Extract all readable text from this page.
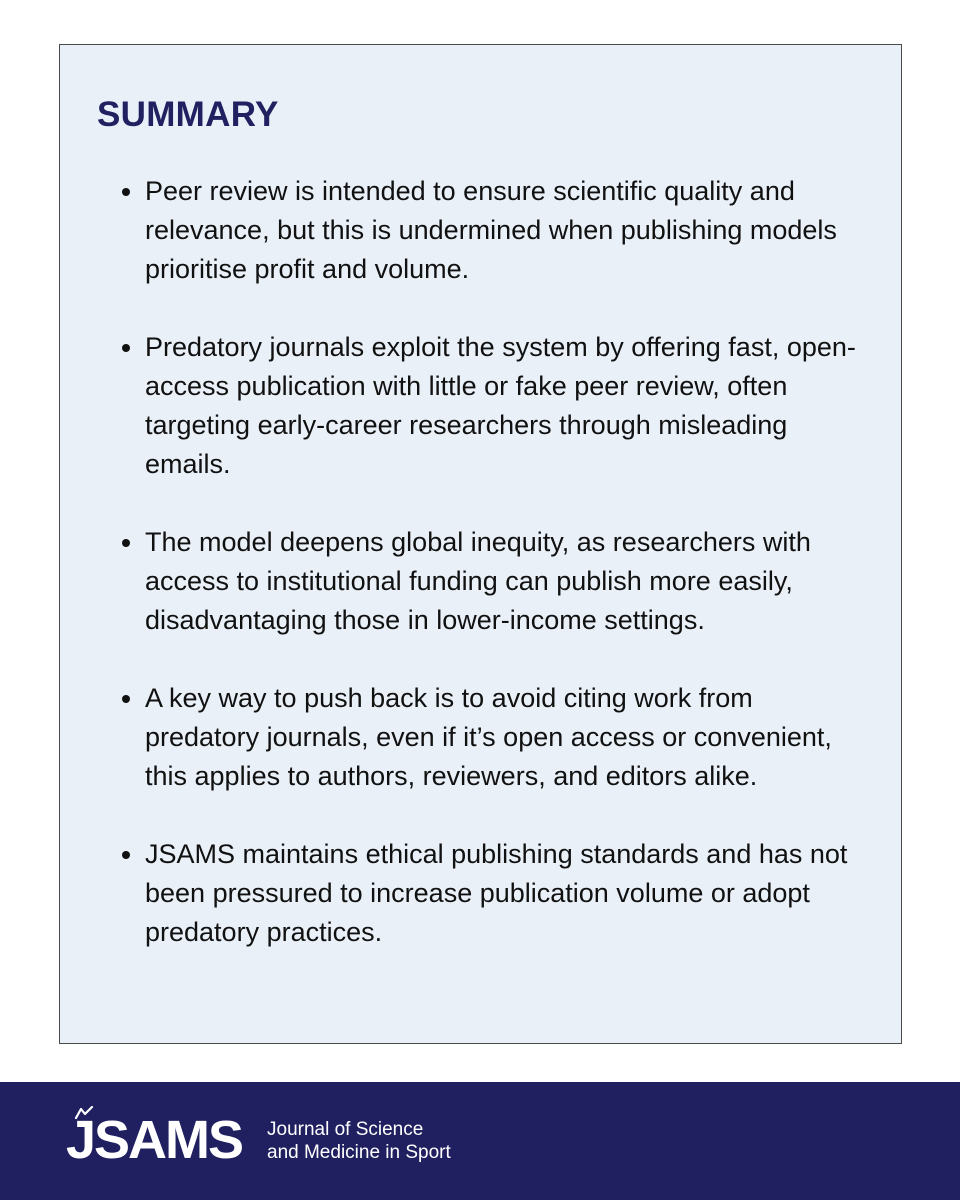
SUMMARY
Peer review is intended to ensure scientific quality and relevance, but this is undermined when publishing models prioritise profit and volume.
Predatory journals exploit the system by offering fast, open-access publication with little or fake peer review, often targeting early-career researchers through misleading emails.
The model deepens global inequity, as researchers with access to institutional funding can publish more easily, disadvantaging those in lower-income settings.
A key way to push back is to avoid citing work from predatory journals, even if it’s open access or convenient, this applies to authors, reviewers, and editors alike.
JSAMS maintains ethical publishing standards and has not been pressured to increase publication volume or adopt predatory practices.
JSAMS Journal of Science
and Medicine in Sport
